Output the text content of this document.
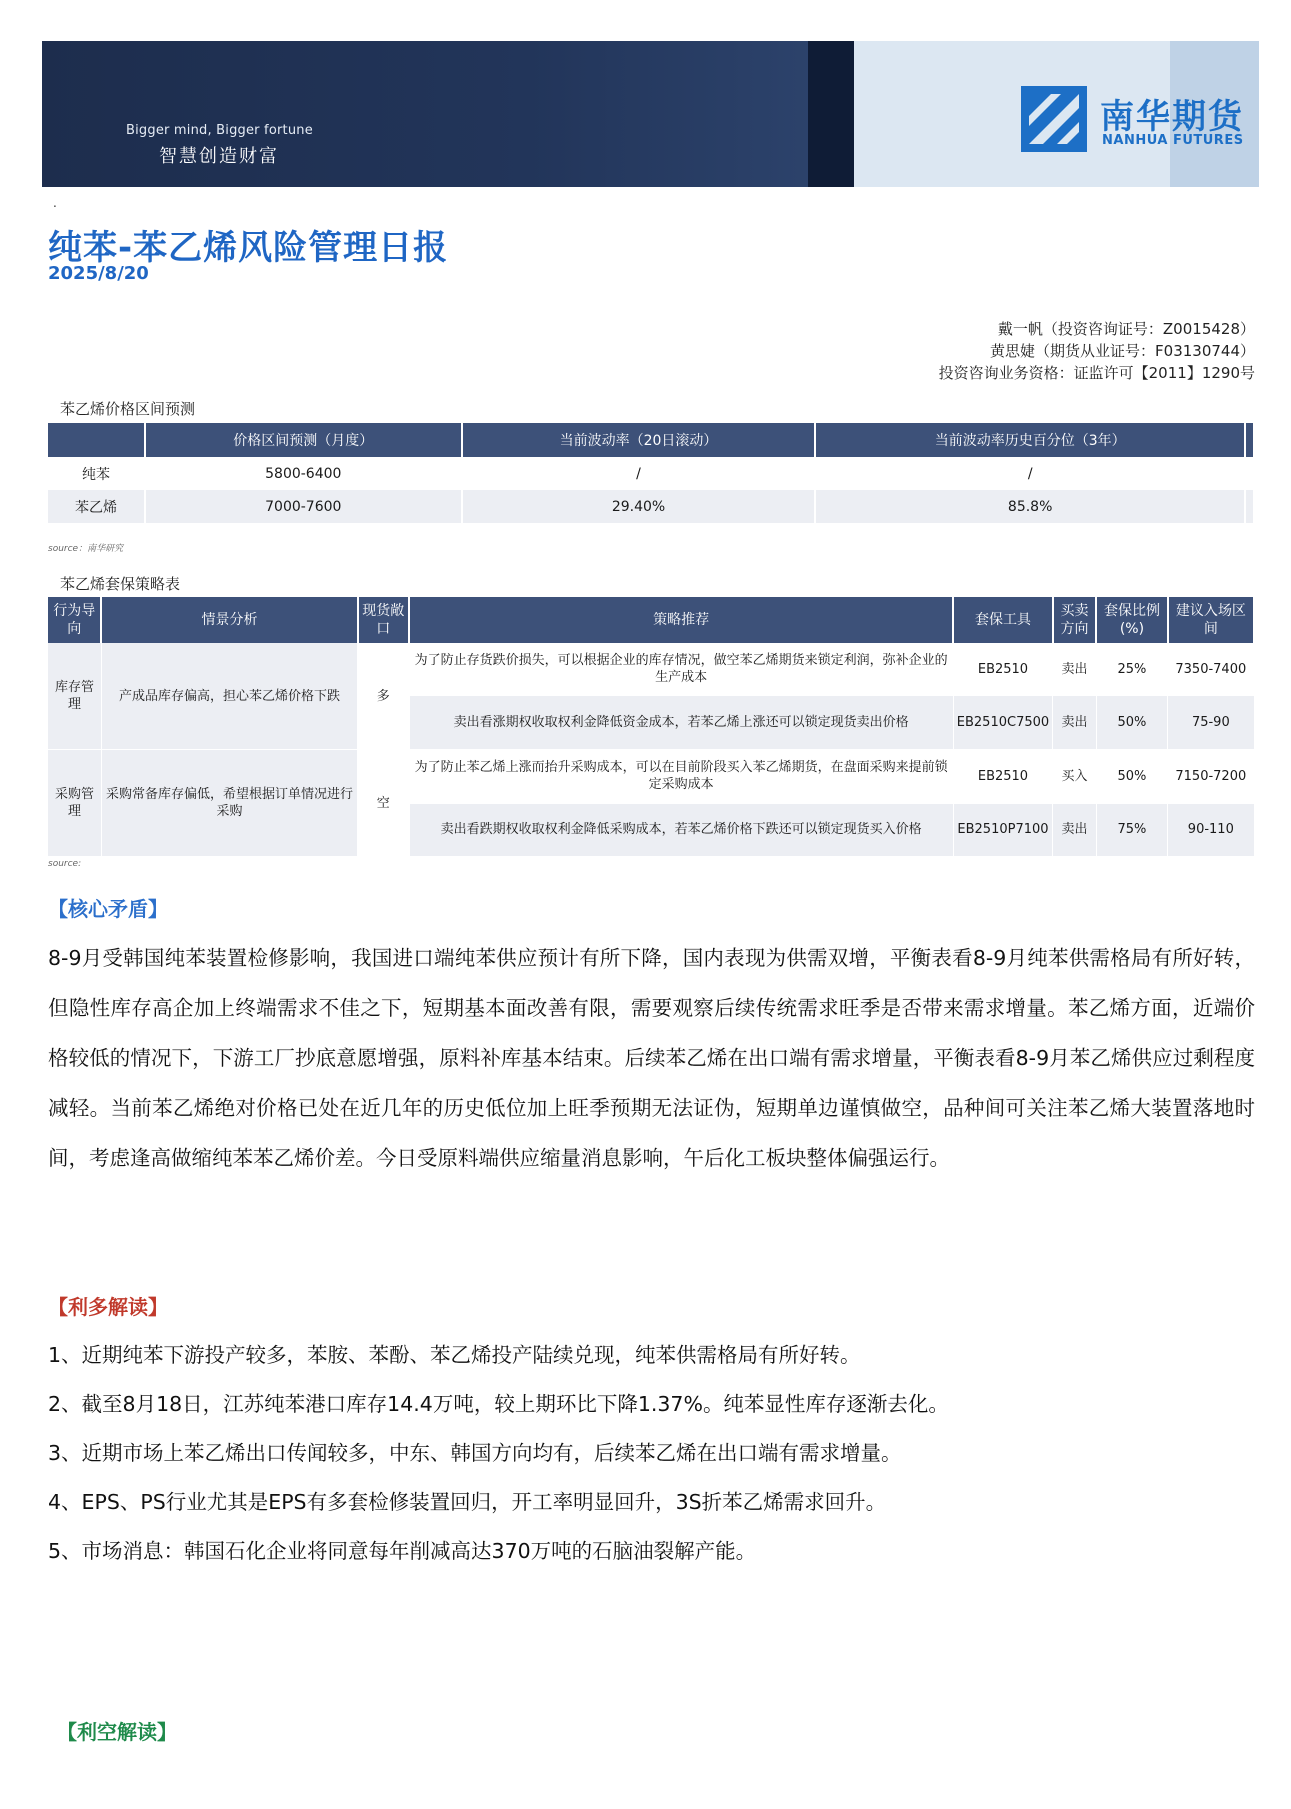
Bigger mind, Bigger fortune
智慧创造财富
南华期货
NANHUA FUTURES
.
纯苯-苯乙烯风险管理日报
2025/8/20
戴一帆（投资咨询证号：Z0015428）
黄思婕（期货从业证号：F03130744）
投资咨询业务资格：证监许可【2011】1290号
苯乙烯价格区间预测
	价格区间预测（月度）	当前波动率（20日滚动）	当前波动率历史百分位（3年）	
纯苯	5800-6400	/	/	
苯乙烯	7000-7600	29.40%	85.8%	

source：南华研究
苯乙烯套保策略表
行为导向	情景分析	现货敞口	策略推荐	套保工具	买卖方向	套保比例(%)	建议入场区间
库存管理	产成品库存偏高，担心苯乙烯价格下跌	多	为了防止存货跌价损失，可以根据企业的库存情况，做空苯乙烯期货来锁定利润，弥补企业的生产成本	EB2510	卖出	25%	7350-7400
			卖出看涨期权收取权利金降低资金成本，若苯乙烯上涨还可以锁定现货卖出价格	EB2510C7500	卖出	50%	75-90
采购管理	采购常备库存偏低，希望根据订单情况进行采购	空	为了防止苯乙烯上涨而抬升采购成本，可以在目前阶段买入苯乙烯期货，在盘面采购来提前锁定采购成本	EB2510	买入	50%	7150-7200
			卖出看跌期权收取权利金降低采购成本，若苯乙烯价格下跌还可以锁定现货买入价格	EB2510P7100	卖出	75%	90-110
source:
【核心矛盾】
8-9月受韩国纯苯装置检修影响，我国进口端纯苯供应预计有所下降，国内表现为供需双增，平衡表看8-9月纯苯供需格局有所好转，但隐性库存高企加上终端需求不佳之下，短期基本面改善有限，需要观察后续传统需求旺季是否带来需求增量。苯乙烯方面，近端价格较低的情况下，下游工厂抄底意愿增强，原料补库基本结束。后续苯乙烯在出口端有需求增量，平衡表看8-9月苯乙烯供应过剩程度减轻。当前苯乙烯绝对价格已处在近几年的历史低位加上旺季预期无法证伪，短期单边谨慎做空，品种间可关注苯乙烯大装置落地时间，考虑逢高做缩纯苯苯乙烯价差。今日受原料端供应缩量消息影响，午后化工板块整体偏强运行。
【利多解读】
1、近期纯苯下游投产较多，苯胺、苯酚、苯乙烯投产陆续兑现，纯苯供需格局有所好转。
2、截至8月18日，江苏纯苯港口库存14.4万吨，较上期环比下降1.37%。纯苯显性库存逐渐去化。
3、近期市场上苯乙烯出口传闻较多，中东、韩国方向均有，后续苯乙烯在出口端有需求增量。
4、EPS、PS行业尤其是EPS有多套检修装置回归，开工率明显回升，3S折苯乙烯需求回升。
5、市场消息：韩国石化企业将同意每年削减高达370万吨的石脑油裂解产能。
【利空解读】
